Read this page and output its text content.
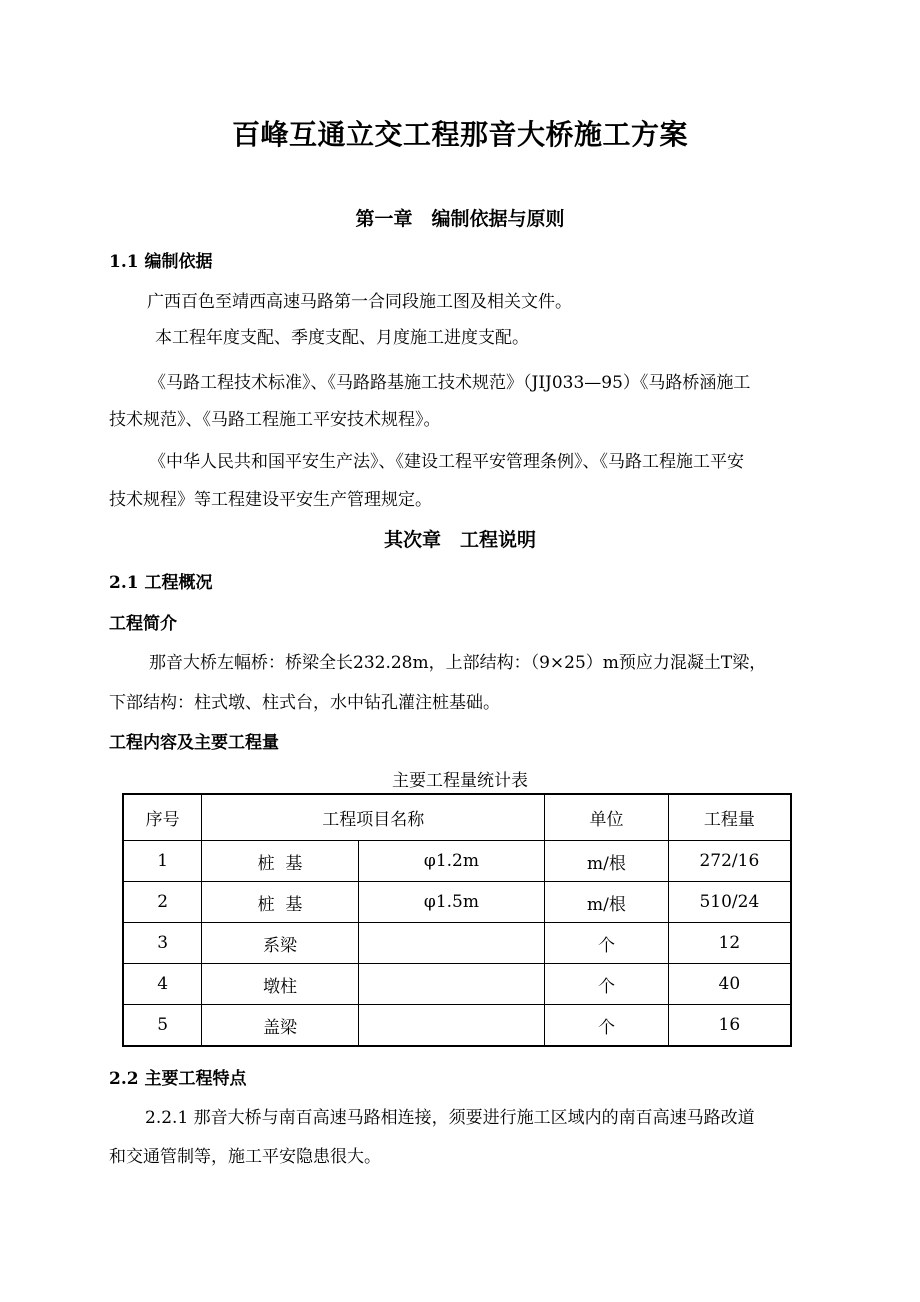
百峰互通立交工程那音大桥施工方案
第一章　编制依据与原则
1.1 编制依据
广西百色至靖西高速马路第一合同段施工图及相关文件。
本工程年度支配、季度支配、月度施工进度支配。
《马路工程技术标准》、《马路路基施工技术规范》（JIJ033—95）《马路桥涵施工
技术规范》、《马路工程施工平安技术规程》。
《中华人民共和国平安生产法》、《建设工程平安管理条例》、《马路工程施工平安
技术规程》等工程建设平安生产管理规定。
其次章　工程说明
2.1 工程概况
工程简介
那音大桥左幅桥：桥梁全长232.28m，上部结构：（9×25）m预应力混凝土T梁，
下部结构：柱式墩、柱式台，水中钻孔灌注桩基础。
工程内容及主要工程量
主要工程量统计表
序号	工程项目名称		单位	工程量
1	桩  基	φ1.2m	m/根	272/16
2	桩  基	φ1.5m	m/根	510/24
3	系梁		个	12
4	墩柱		个	40
5	盖梁		个	16
2.2 主要工程特点
2.2.1 那音大桥与南百高速马路相连接，须要进行施工区域内的南百高速马路改道
和交通管制等，施工平安隐患很大。
